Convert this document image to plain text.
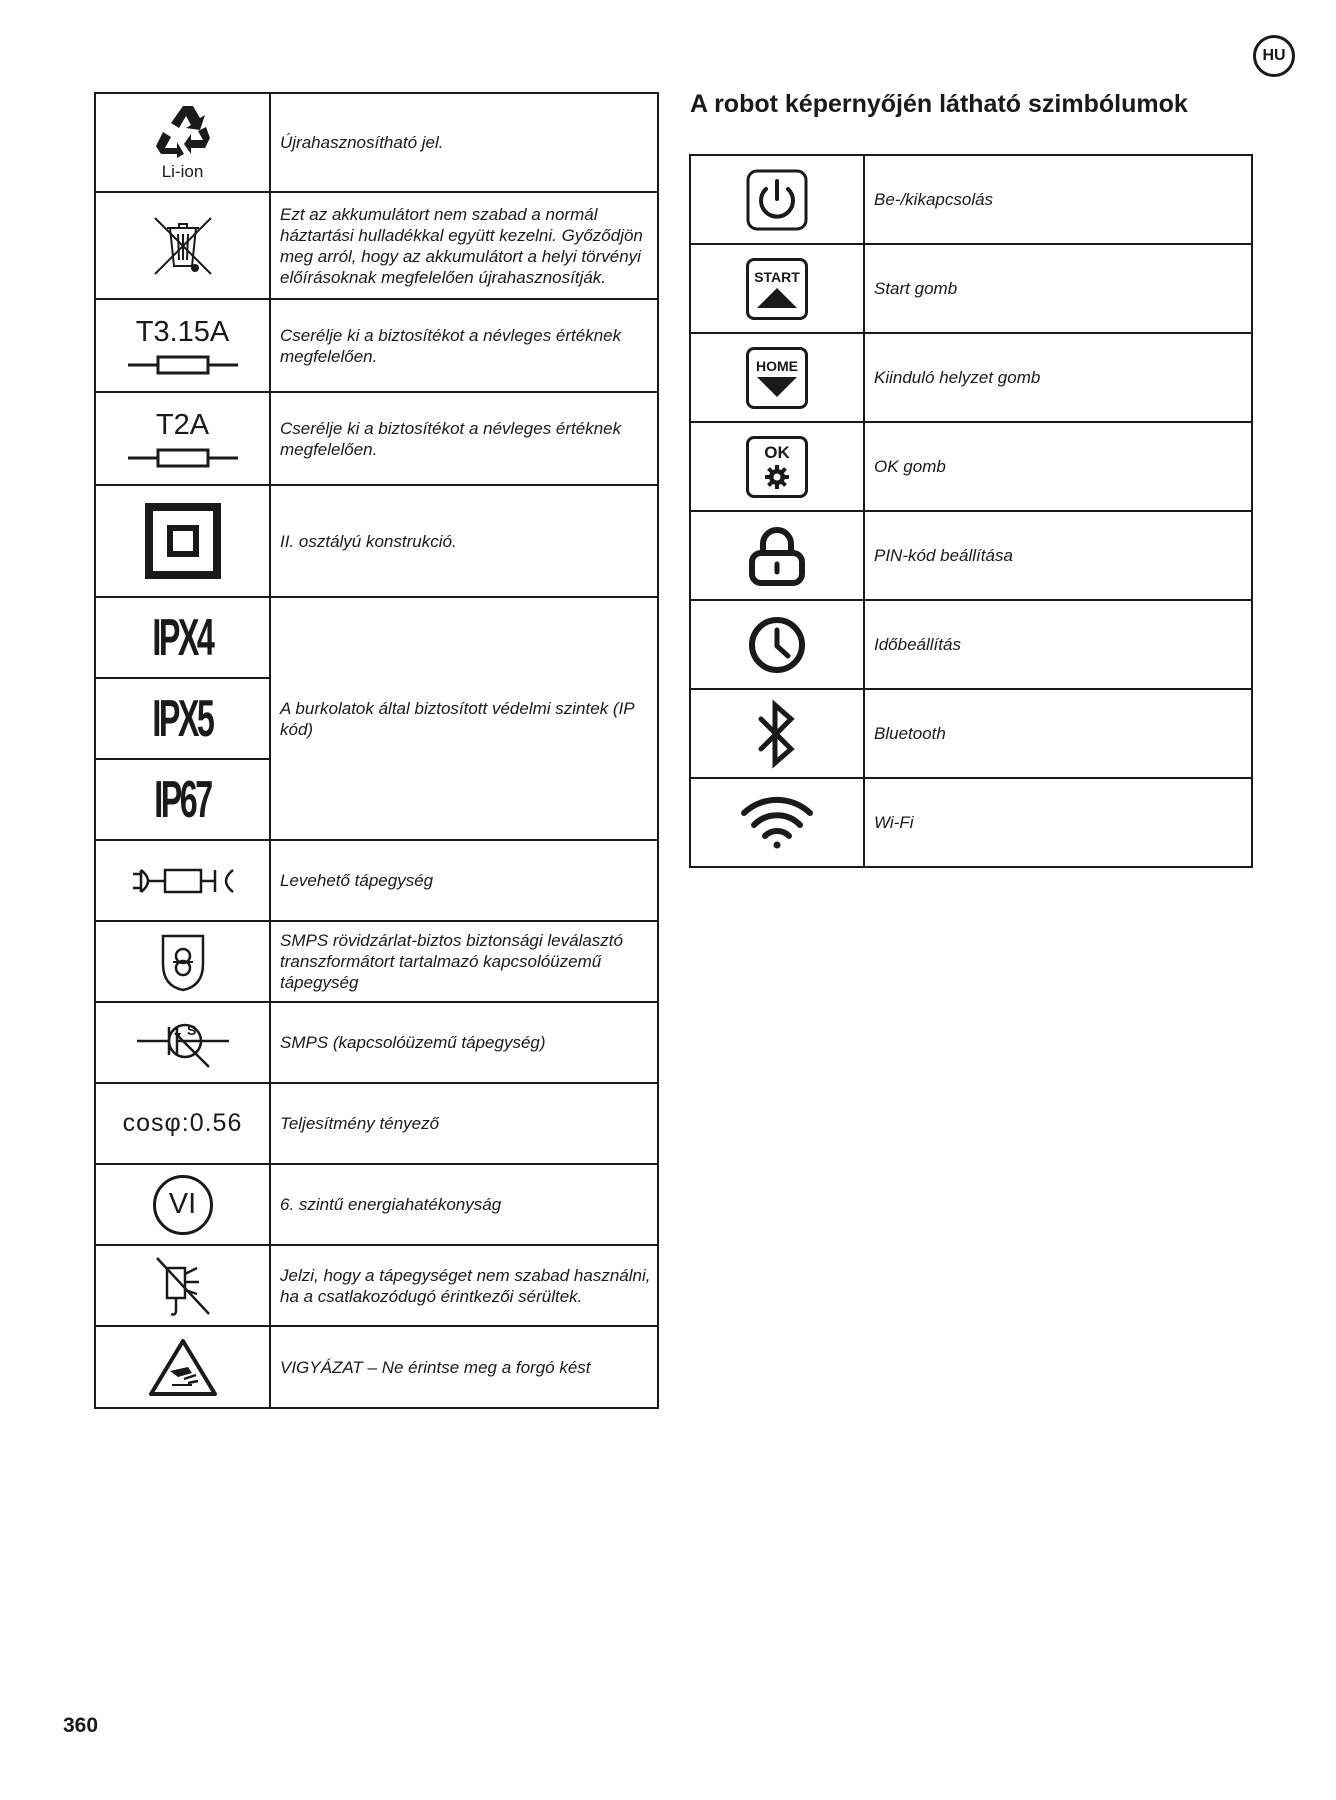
HU
Li-ion	Újrahasznosítható jel.

	Ezt az akkumulátort nem szabad a normál háztartási hulladékkal együtt kezelni. Győződjön meg arról, hogy az akkumulátort a helyi törvényi előírásoknak megfelelően újrahasznosítják.

T3.15A	Cserélje ki a biztosítékot a névleges értéknek megfelelően.

T2A	Cserélje ki a biztosítékot a névleges értéknek megfelelően.

	II. osztályú konstrukció.
IPX4	A burkolatok által biztosított védelmi szintek (IP kód)
IPX5	
IP67	

	Levehető tápegység

	SMPS rövidzárlat-biztos biztonsági leválasztó transzformátort tartalmazó kapcsolóüzemű tápegység

S	SMPS (kapcsolóüzemű tápegység)
cosφ:0.56	Teljesítmény tényező

VI	6. szintű energiahatékonyság

	Jelzi, hogy a tápegységet nem szabad használni, ha a csatlakozódugó érintkezői sérültek.

	VIGYÁZAT – Ne érintse meg a forgó kést
A robot képernyőjén látható szimbólumok
	Be-/kikapcsolás

START	Start gomb

HOME	Kiinduló helyzet gomb

OK	OK gomb

	PIN-kód beállítása

	Időbeállítás

	Bluetooth

	Wi-Fi
360
